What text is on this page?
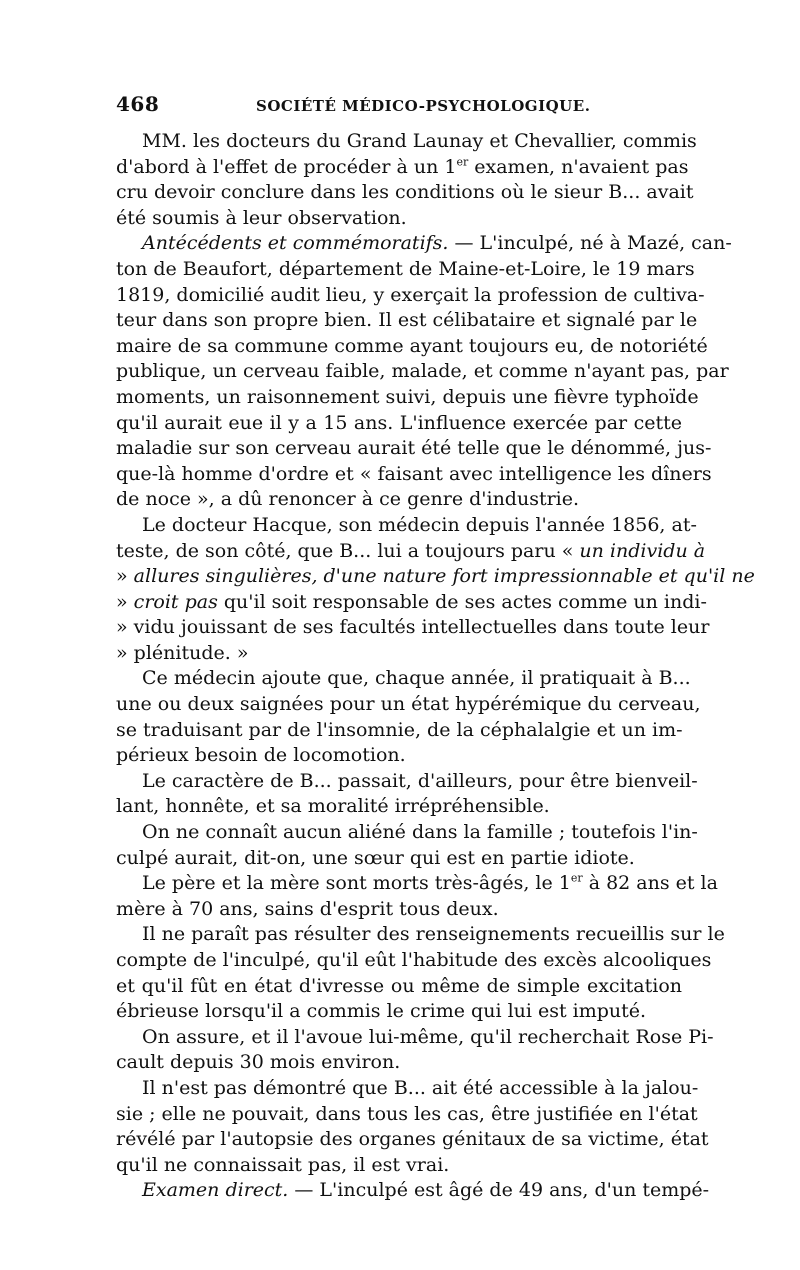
468	SOCIÉTÉ MÉDICO-PSYCHOLOGIQUE.
MM. les docteurs du Grand Launay et Chevallier, commis
d'abord à l'effet de procéder à un 1er examen, n'avaient pas
cru devoir conclure dans les conditions où le sieur B... avait
été soumis à leur observation.
Antécédents et commémoratifs. — L'inculpé, né à Mazé, can-
ton de Beaufort, département de Maine-et-Loire, le 19 mars
1819, domicilié audit lieu, y exerçait la profession de cultiva-
teur dans son propre bien. Il est célibataire et signalé par le
maire de sa commune comme ayant toujours eu, de notoriété
publique, un cerveau faible, malade, et comme n'ayant pas, par
moments, un raisonnement suivi, depuis une fièvre typhoïde
qu'il aurait eue il y a 15 ans. L'influence exercée par cette
maladie sur son cerveau aurait été telle que le dénommé, jus-
que-là homme d'ordre et « faisant avec intelligence les dîners
de noce », a dû renoncer à ce genre d'industrie.
Le docteur Hacque, son médecin depuis l'année 1856, at-
teste, de son côté, que B... lui a toujours paru « un individu à
» allures singulières, d'une nature fort impressionnable et qu'il ne
» croit pas qu'il soit responsable de ses actes comme un indi-
» vidu jouissant de ses facultés intellectuelles dans toute leur
» plénitude. »
Ce médecin ajoute que, chaque année, il pratiquait à B...
une ou deux saignées pour un état hypérémique du cerveau,
se traduisant par de l'insomnie, de la céphalalgie et un im-
périeux besoin de locomotion.
Le caractère de B... passait, d'ailleurs, pour être bienveil-
lant, honnête, et sa moralité irrépréhensible.
On ne connaît aucun aliéné dans la famille ; toutefois l'in-
culpé aurait, dit-on, une sœur qui est en partie idiote.
Le père et la mère sont morts très-âgés, le 1er à 82 ans et la
mère à 70 ans, sains d'esprit tous deux.
Il ne paraît pas résulter des renseignements recueillis sur le
compte de l'inculpé, qu'il eût l'habitude des excès alcooliques
et qu'il fût en état d'ivresse ou même de simple excitation
ébrieuse lorsqu'il a commis le crime qui lui est imputé.
On assure, et il l'avoue lui-même, qu'il recherchait Rose Pi-
cault depuis 30 mois environ.
Il n'est pas démontré que B... ait été accessible à la jalou-
sie ; elle ne pouvait, dans tous les cas, être justifiée en l'état
révélé par l'autopsie des organes génitaux de sa victime, état
qu'il ne connaissait pas, il est vrai.
Examen direct. — L'inculpé est âgé de 49 ans, d'un tempé-
